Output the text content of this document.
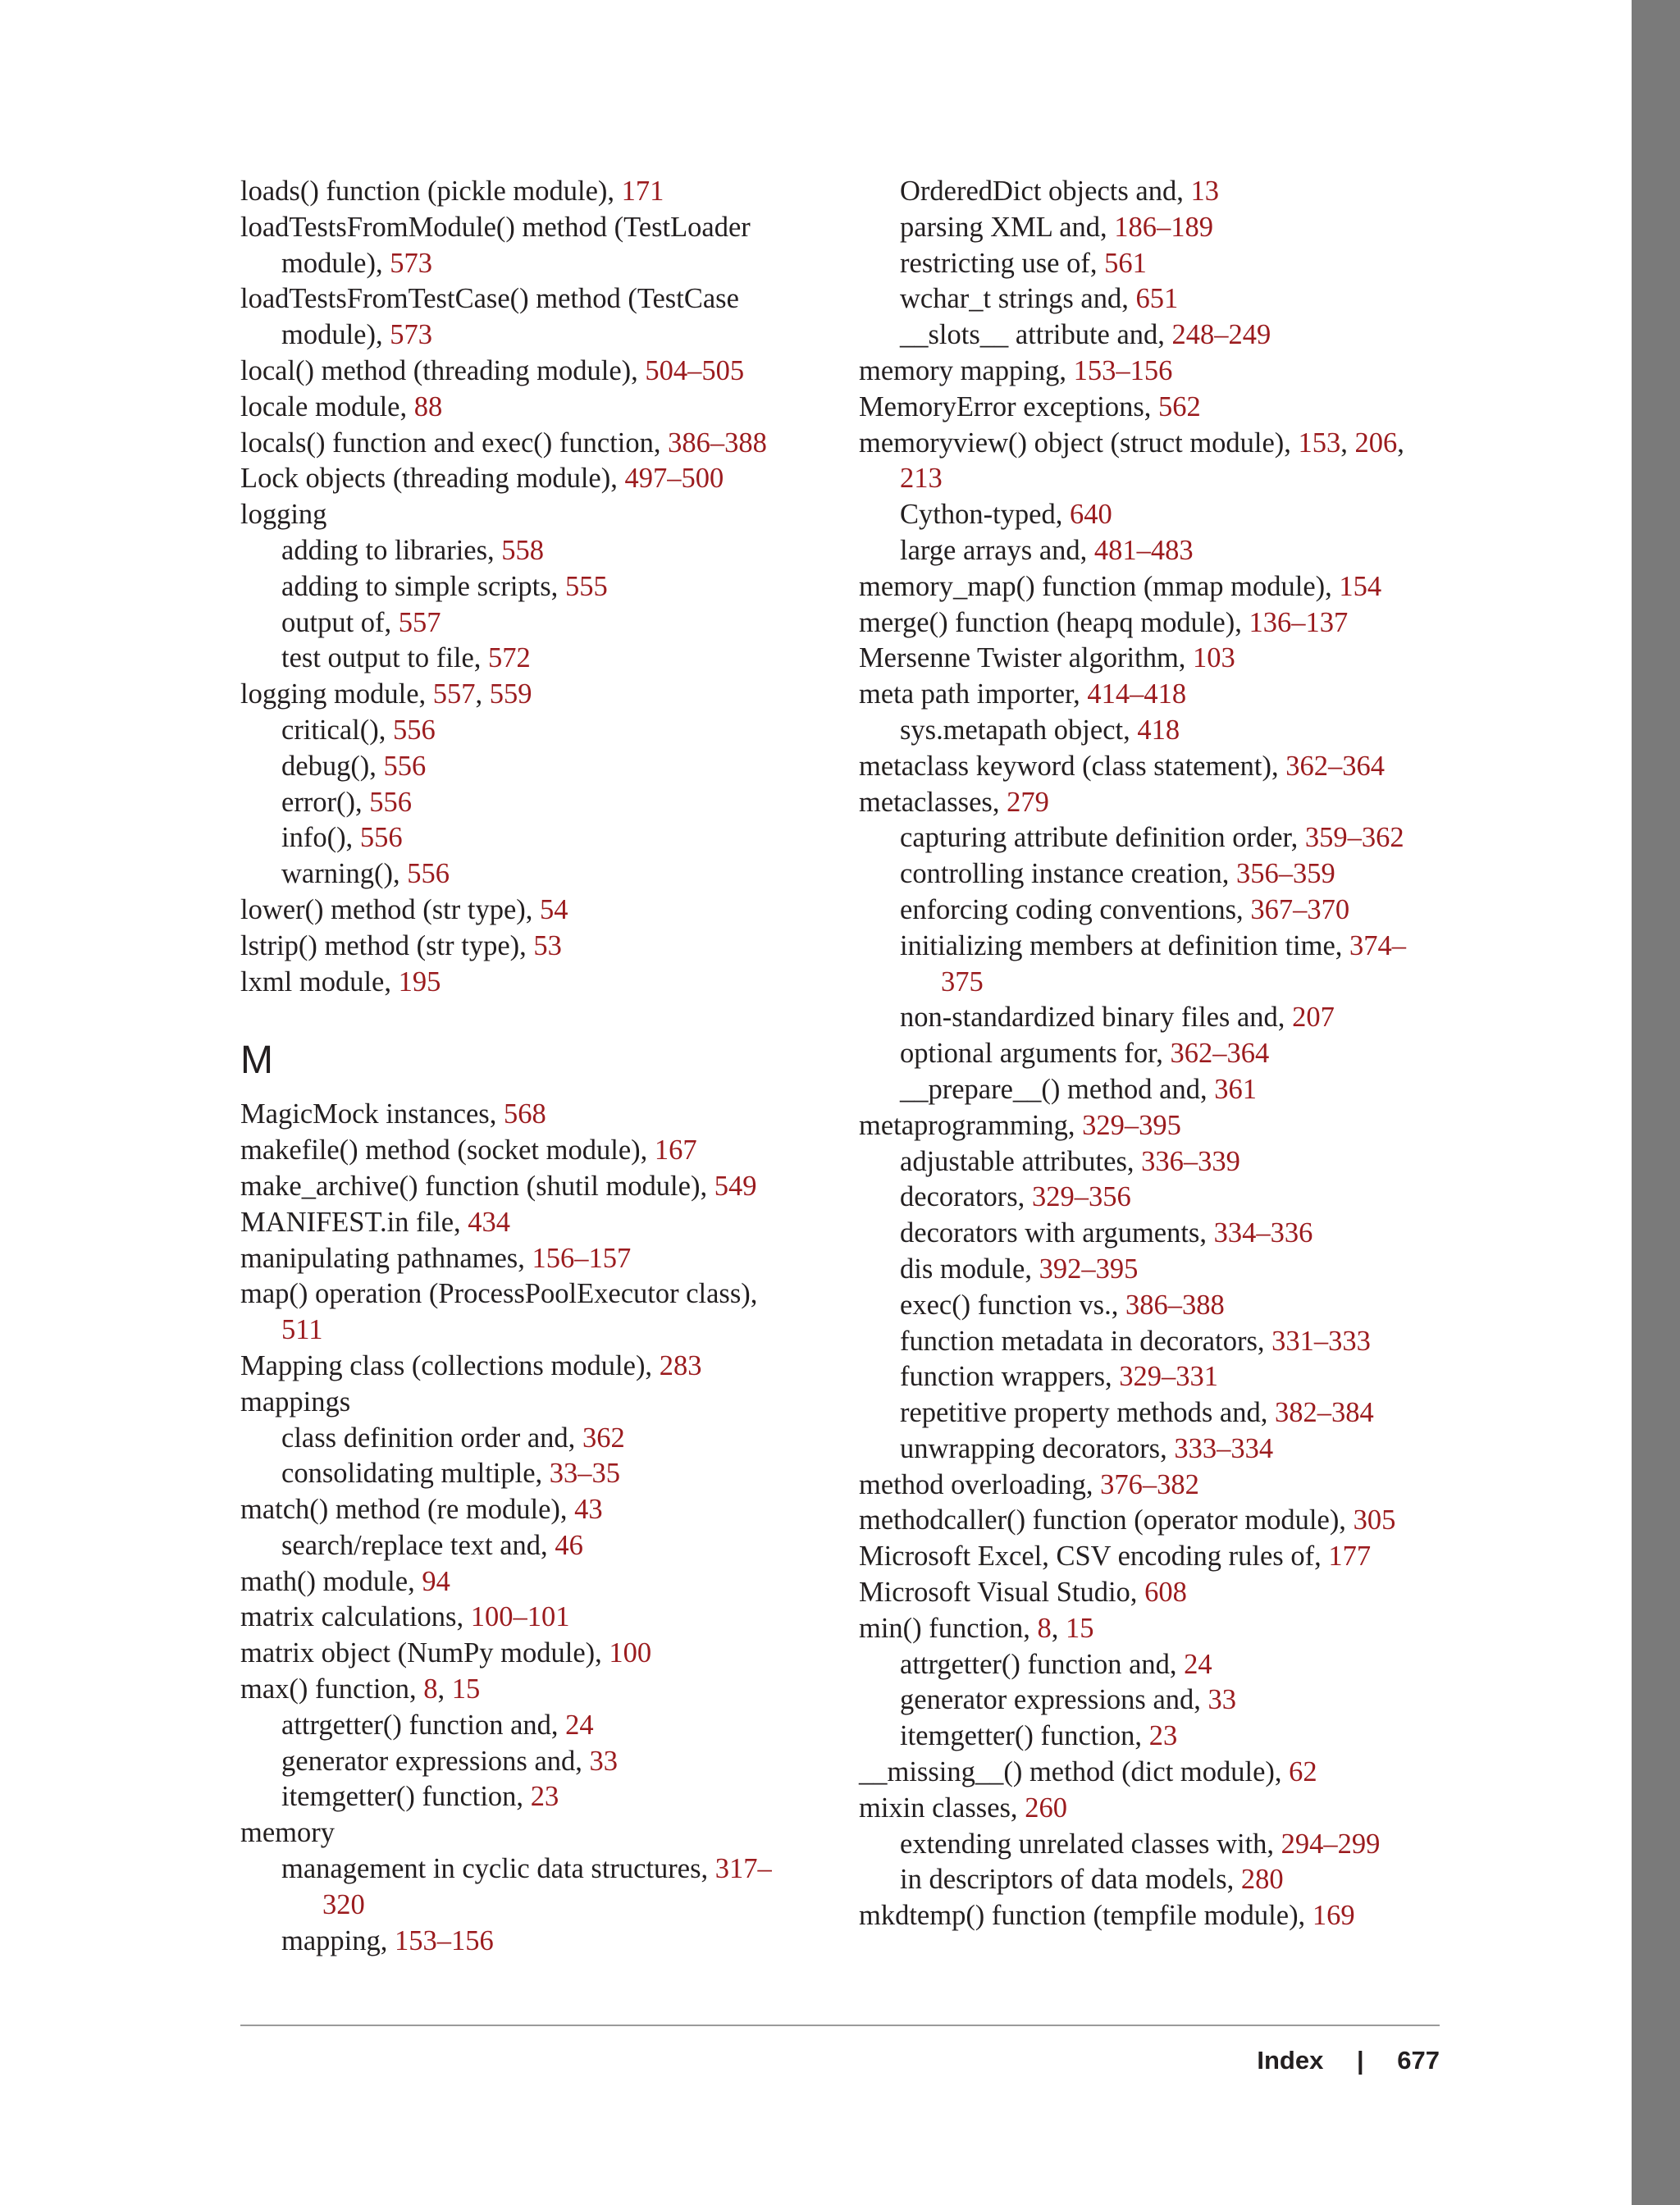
loads() function (pickle module), 171
loadTestsFromModule() method (TestLoader
module), 573
loadTestsFromTestCase() method (TestCase
module), 573
local() method (threading module), 504–505
locale module, 88
locals() function and exec() function, 386–388
Lock objects (threading module), 497–500
logging
adding to libraries, 558
adding to simple scripts, 555
output of, 557
test output to file, 572
logging module, 557, 559
critical(), 556
debug(), 556
error(), 556
info(), 556
warning(), 556
lower() method (str type), 54
lstrip() method (str type), 53
lxml module, 195
M
MagicMock instances, 568
makefile() method (socket module), 167
make_archive() function (shutil module), 549
MANIFEST.in file, 434
manipulating pathnames, 156–157
map() operation (ProcessPoolExecutor class),
511
Mapping class (collections module), 283
mappings
class definition order and, 362
consolidating multiple, 33–35
match() method (re module), 43
search/replace text and, 46
math() module, 94
matrix calculations, 100–101
matrix object (NumPy module), 100
max() function, 8, 15
attrgetter() function and, 24
generator expressions and, 33
itemgetter() function, 23
memory
management in cyclic data structures, 317–
320
mapping, 153–156
OrderedDict objects and, 13
parsing XML and, 186–189
restricting use of, 561
wchar_t strings and, 651
__slots__ attribute and, 248–249
memory mapping, 153–156
MemoryError exceptions, 562
memoryview() object (struct module), 153, 206,
213
Cython-typed, 640
large arrays and, 481–483
memory_map() function (mmap module), 154
merge() function (heapq module), 136–137
Mersenne Twister algorithm, 103
meta path importer, 414–418
sys.metapath object, 418
metaclass keyword (class statement), 362–364
metaclasses, 279
capturing attribute definition order, 359–362
controlling instance creation, 356–359
enforcing coding conventions, 367–370
initializing members at definition time, 374–
375
non-standardized binary files and, 207
optional arguments for, 362–364
__prepare__() method and, 361
metaprogramming, 329–395
adjustable attributes, 336–339
decorators, 329–356
decorators with arguments, 334–336
dis module, 392–395
exec() function vs., 386–388
function metadata in decorators, 331–333
function wrappers, 329–331
repetitive property methods and, 382–384
unwrapping decorators, 333–334
method overloading, 376–382
methodcaller() function (operator module), 305
Microsoft Excel, CSV encoding rules of, 177
Microsoft Visual Studio, 608
min() function, 8, 15
attrgetter() function and, 24
generator expressions and, 33
itemgetter() function, 23
__missing__() method (dict module), 62
mixin classes, 260
extending unrelated classes with, 294–299
in descriptors of data models, 280
mkdtemp() function (tempfile module), 169
Index | 677
